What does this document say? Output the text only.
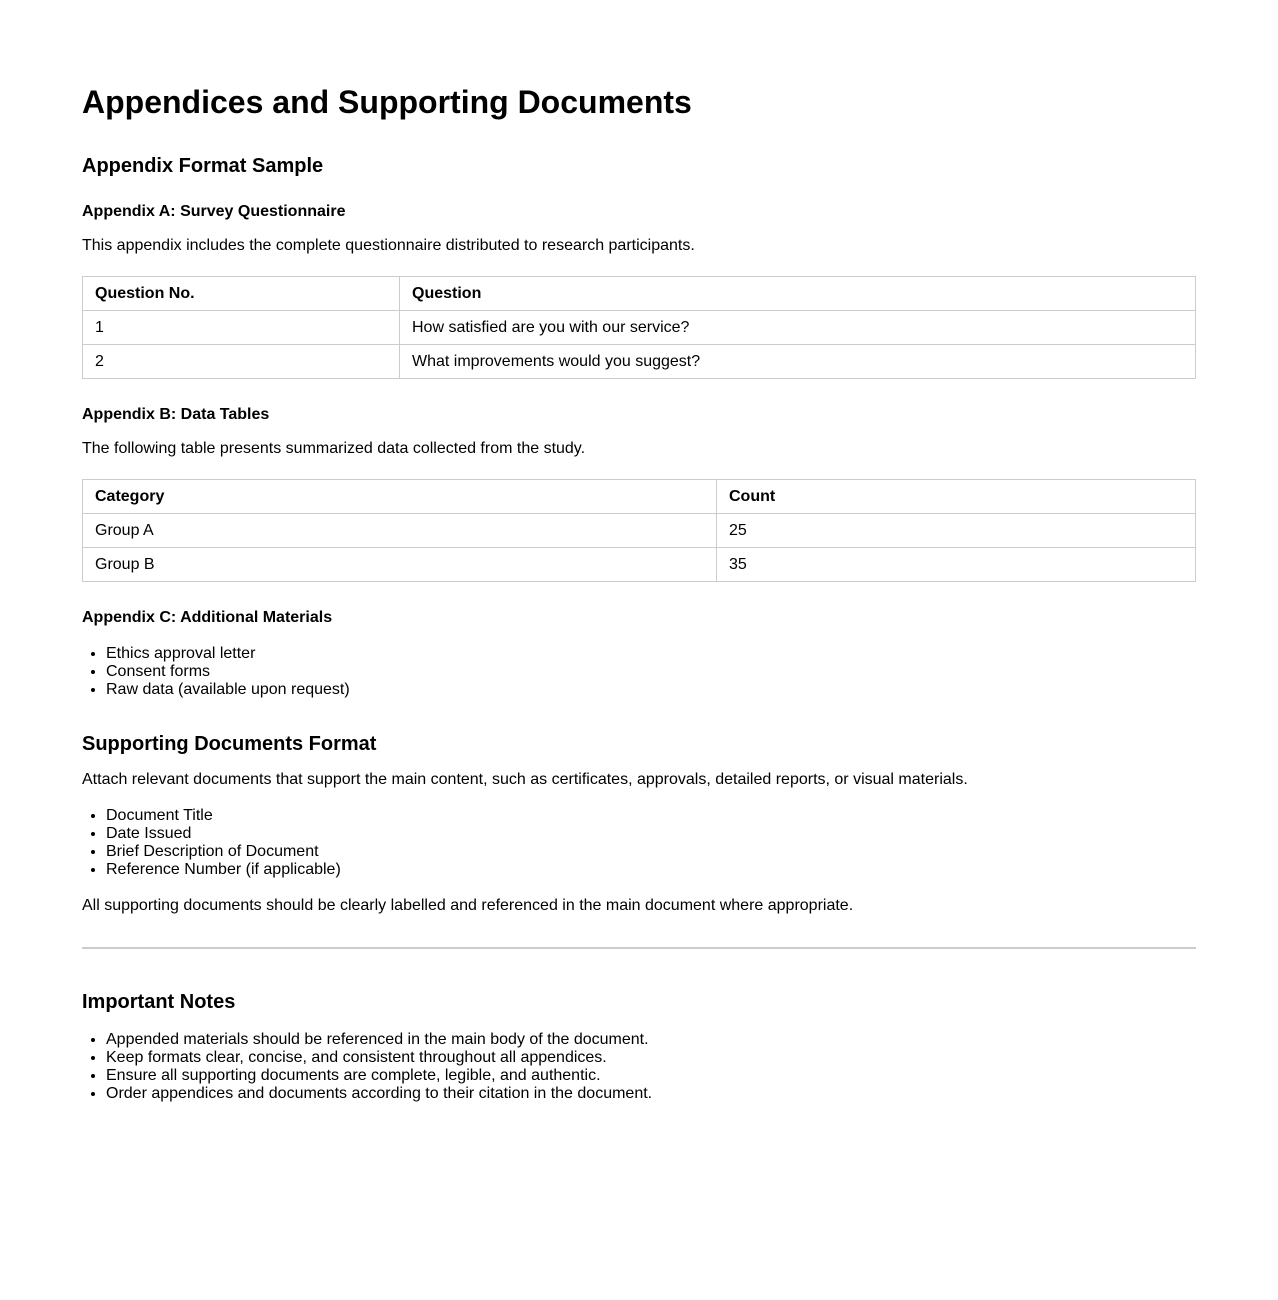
Appendices and Supporting Documents
Appendix Format Sample
Appendix A: Survey Questionnaire

This appendix includes the complete questionnaire distributed to research participants.

Question No.	Question
1	How satisfied are you with our service?
2	What improvements would you suggest?
Appendix B: Data Tables

The following table presents summarized data collected from the study.

Category	Count
Group A	25
Group B	35
Appendix C: Additional Materials
• Ethics approval letter
• Consent forms
• Raw data (available upon request)
Supporting Documents Format

Attach relevant documents that support the main content, such as certificates, approvals, detailed reports, or visual materials.

• Document Title
• Date Issued
• Brief Description of Document
• Reference Number (if applicable)

All supporting documents should be clearly labelled and referenced in the main document where appropriate.

Important Notes
• Appended materials should be referenced in the main body of the document.
• Keep formats clear, concise, and consistent throughout all appendices.
• Ensure all supporting documents are complete, legible, and authentic.
• Order appendices and documents according to their citation in the document.
